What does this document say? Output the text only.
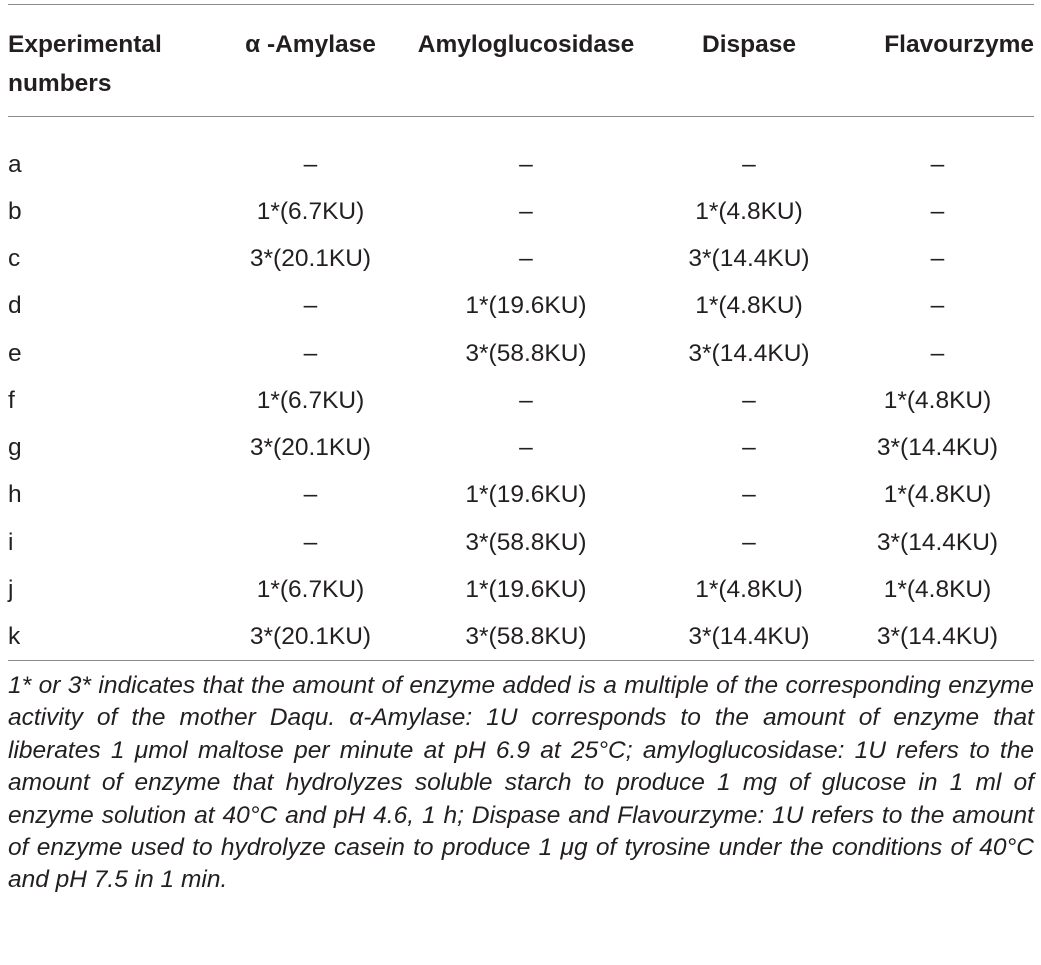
Experimental
numbers	α -Amylase	Amyloglucosidase	Dispase	Flavourzyme
a	–	–	–	–
b	1*(6.7KU)	–	1*(4.8KU)	–
c	3*(20.1KU)	–	3*(14.4KU)	–
d	–	1*(19.6KU)	1*(4.8KU)	–
e	–	3*(58.8KU)	3*(14.4KU)	–
f	1*(6.7KU)	–	–	1*(4.8KU)
g	3*(20.1KU)	–	–	3*(14.4KU)
h	–	1*(19.6KU)	–	1*(4.8KU)
i	–	3*(58.8KU)	–	3*(14.4KU)
j	1*(6.7KU)	1*(19.6KU)	1*(4.8KU)	1*(4.8KU)
k	3*(20.1KU)	3*(58.8KU)	3*(14.4KU)	3*(14.4KU)
1* or 3* indicates that the amount of enzyme added is a multiple of the corresponding enzyme activity of the mother Daqu. α-Amylase: 1U corresponds to the amount of enzyme that liberates 1 μmol maltose per minute at pH 6.9 at 25°C; amyloglucosidase: 1U refers to the amount of enzyme that hydrolyzes soluble starch to produce 1 mg of glucose in 1 ml of enzyme solution at 40°C and pH 4.6, 1 h; Dispase and Flavourzyme: 1U refers to the amount of enzyme used to hydrolyze casein to produce 1 μg of tyrosine under the conditions of 40°C and pH 7.5 in 1 min.
